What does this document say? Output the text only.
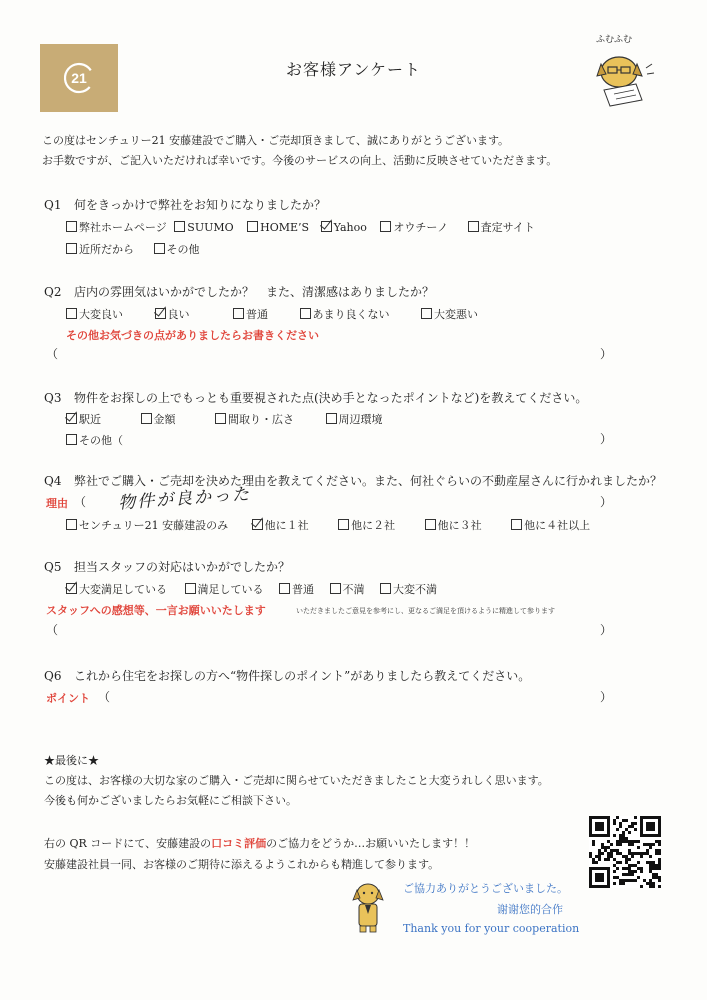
21	お客様アンケート
ふむふむ
この度はセンチュリー21 安藤建設でご購入・ご売却頂きまして、誠にありがとうございます。
お手数ですが、ご記入いただければ幸いです。今後のサービスの向上、活動に反映させていただきます。
Q1 何をきっかけで弊社をお知りになりましたか？
弊社ホームページ SUUMO HOME’S Yahoo オウチーノ	査定サイト
近所だから	その他
Q2 店内の雰囲気はいかがでしたか？　また、清潔感はありましたか？
大変良い	良い	普通	あまり良くない	大変悪い
その他お気づきの点がありましたらお書きください
（	）
Q3 物件をお探しの上でもっとも重要視された点(決め手となったポイントなど)を教えてください。
駅近	金額	間取り・広さ	周辺環境
その他（	）
Q4 弊社でご購入・ご売却を決めた理由を教えてください。また、何社ぐらいの不動産屋さんに行かれましたか？
理由 （ 物件が良かった	）
センチュリー21 安藤建設のみ	他に１社	他に２社	他に３社	他に４社以上
Q5 担当スタッフの対応はいかがでしたか？
大変満足している	満足している	普通	不満	大変不満
スタッフへの感想等、一言お願いいたします	いただきましたご意見を参考にし、更なるご満足を頂けるように精進して参ります
（	）
Q6 これから住宅をお探しの方へ“物件探しのポイント”がありましたら教えてください。
ポイント （	）
★最後に★
この度は、お客様の大切な家のご購入・ご売却に関らせていただきましたこと大変うれしく思います。
今後も何かございましたらお気軽にご相談下さい。
右の QR コードにて、安藤建設の口コミ評価のご協力をどうか…お願いいたします！！
安藤建設社員一同、お客様のご期待に添えるようこれからも精進して参ります。
ご協力ありがとうございました。
谢谢您的合作
Thank you for your cooperation
